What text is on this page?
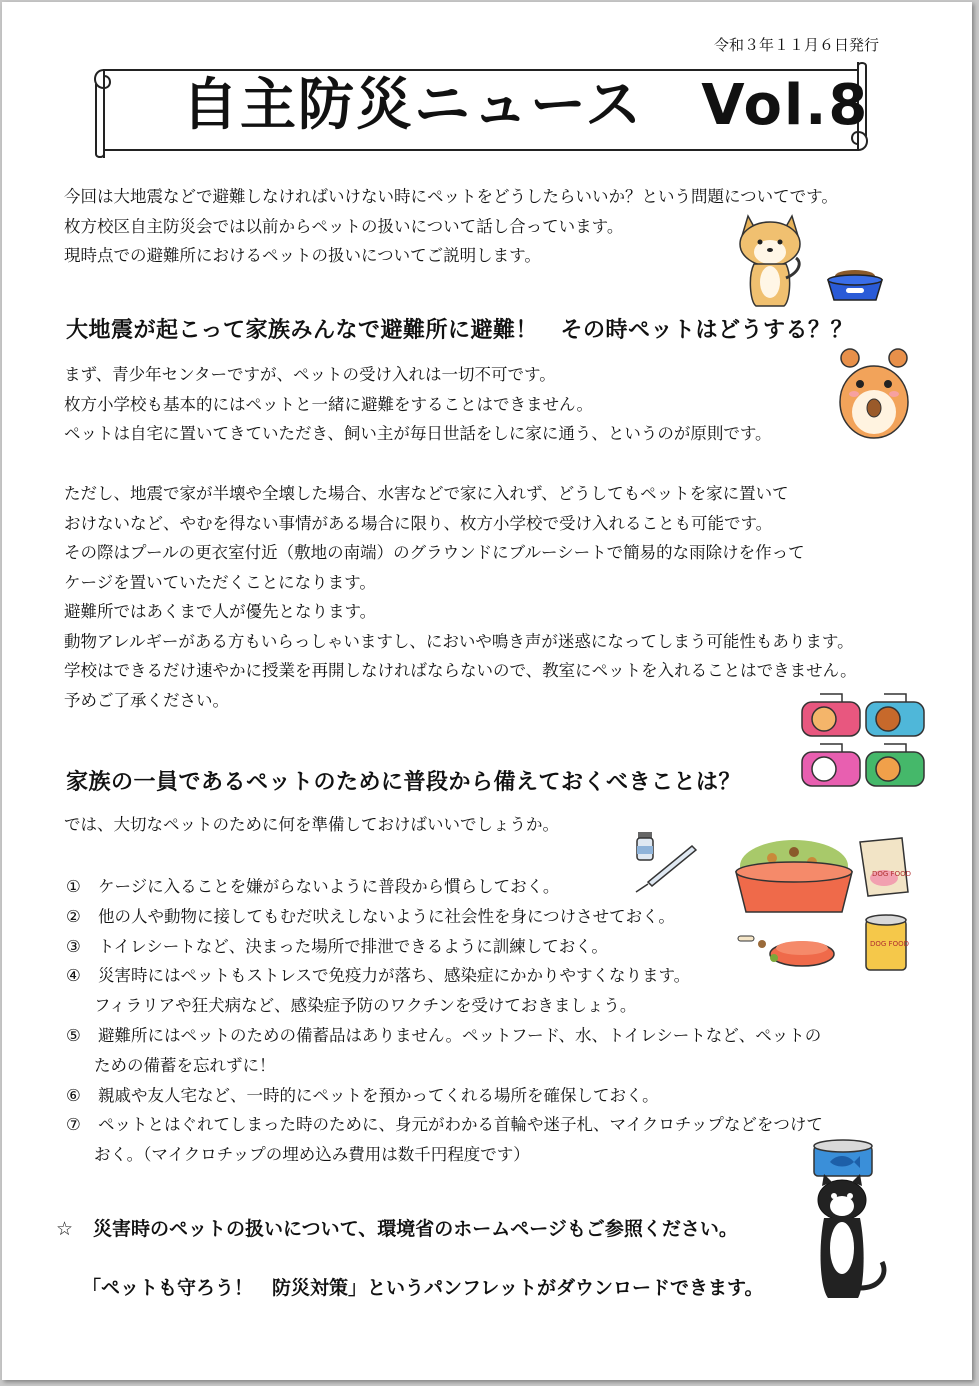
令和３年１１月６日発行
自主防災ニュース　Vol.8
今回は大地震などで避難しなければいけない時にペットをどうしたらいいか？という問題についてです。
枚方校区自主防災会では以前からペットの扱いについて話し合っています。
現時点での避難所におけるペットの扱いについてご説明します。
大地震が起こって家族みんなで避難所に避難！　その時ペットはどうする？？
まず、青少年センターですが、ペットの受け入れは一切不可です。
枚方小学校も基本的にはペットと一緒に避難をすることはできません。
ペットは自宅に置いてきていただき、飼い主が毎日世話をしに家に通う、というのが原則です。
ただし、地震で家が半壊や全壊した場合、水害などで家に入れず、どうしてもペットを家に置いて
おけないなど、やむを得ない事情がある場合に限り、枚方小学校で受け入れることも可能です。
その際はプールの更衣室付近（敷地の南端）のグラウンドにブルーシートで簡易的な雨除けを作って
ケージを置いていただくことになります。
避難所ではあくまで人が優先となります。
動物アレルギーがある方もいらっしゃいますし、においや鳴き声が迷惑になってしまう可能性もあります。
学校はできるだけ速やかに授業を再開しなければならないので、教室にペットを入れることはできません。
予めご了承ください。
家族の一員であるペットのために普段から備えておくべきことは？
では、大切なペットのために何を準備しておけばいいでしょうか。
DOG FOOD
DOG FOOD
①	ケージに入ることを嫌がらないように普段から慣らしておく。
②	他の人や動物に接してもむだ吠えしないように社会性を身につけさせておく。
③	トイレシートなど、決まった場所で排泄できるように訓練しておく。
④	災害時にはペットもストレスで免疫力が落ち、感染症にかかりやすくなります。
フィラリアや狂犬病など、感染症予防のワクチンを受けておきましょう。
⑤	避難所にはペットのための備蓄品はありません。ペットフード、水、トイレシートなど、ペットの
ための備蓄を忘れずに！
⑥	親戚や友人宅など、一時的にペットを預かってくれる場所を確保しておく。
⑦	ペットとはぐれてしまった時のために、身元がわかる首輪や迷子札、マイクロチップなどをつけて
おく。（マイクロチップの埋め込み費用は数千円程度です）
☆ 災害時のペットの扱いについて、環境省のホームページもご参照ください。
「ペットも守ろう！　防災対策」というパンフレットがダウンロードできます。
